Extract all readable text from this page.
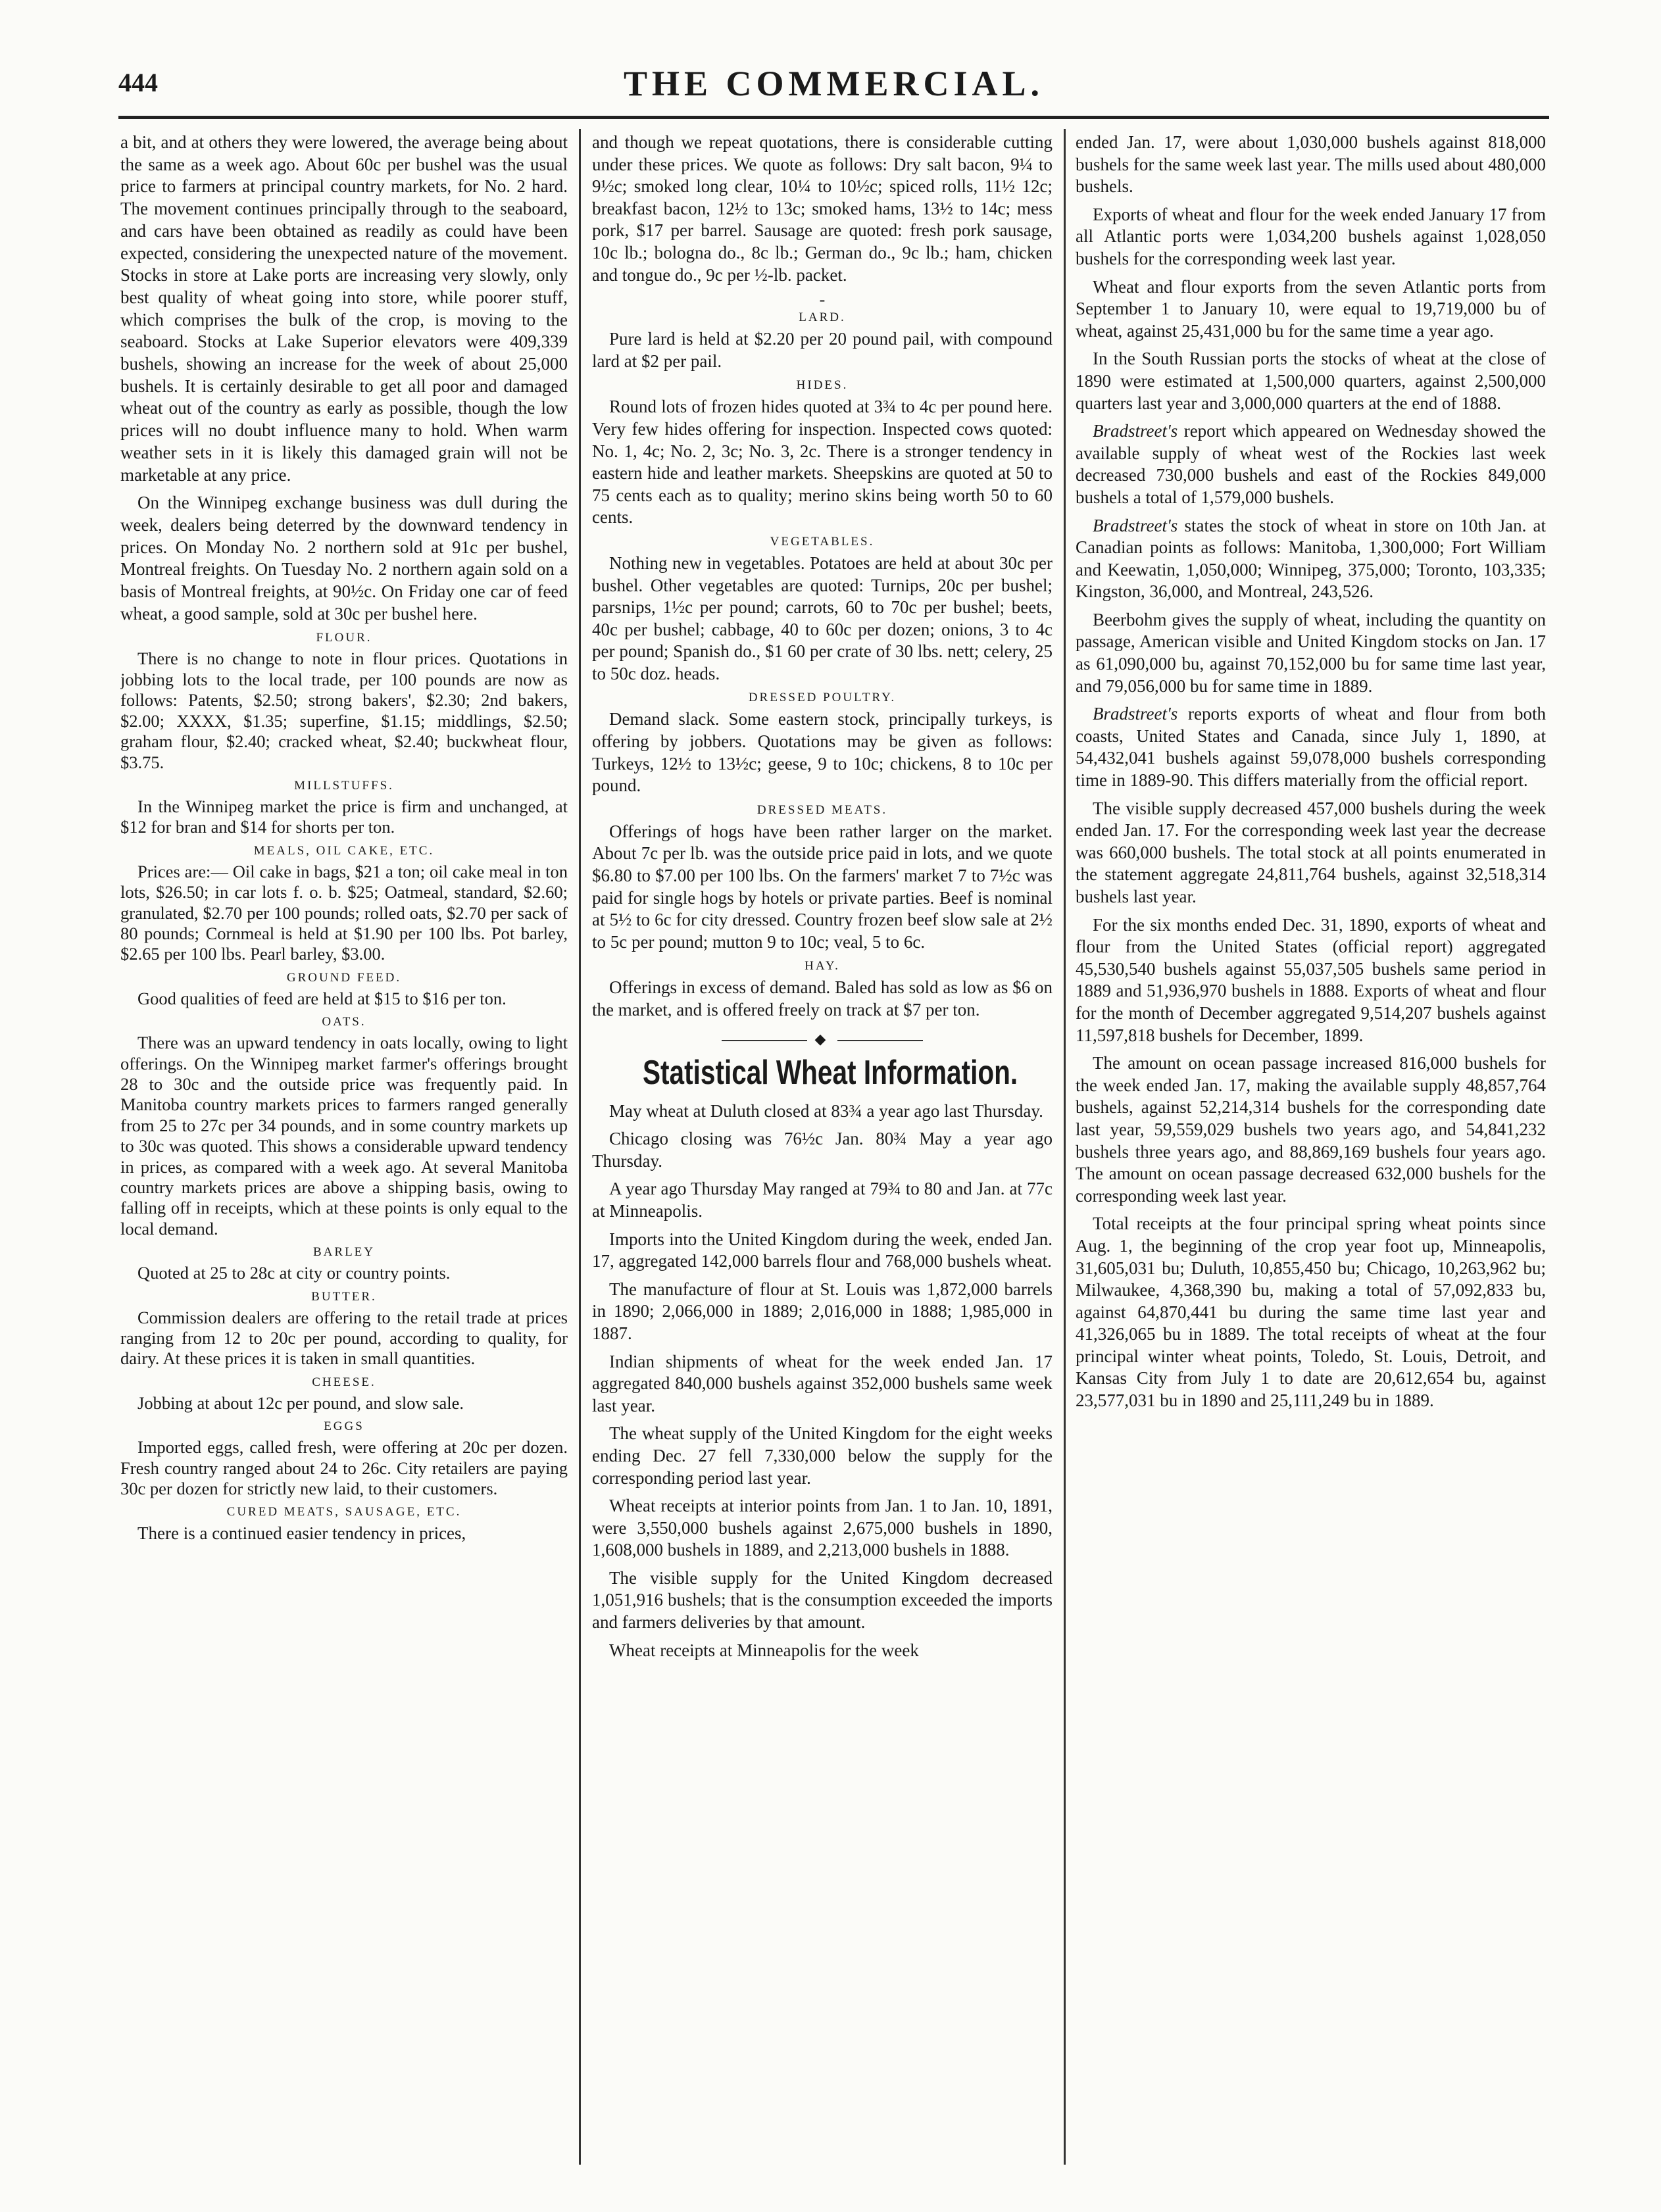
444	THE COMMERCIAL.

a bit, and at others they were lowered, the average being about the same as a week ago. About 60c per bushel was the usual price to farmers at principal country markets, for No. 2 hard. The movement continues principally through to the seaboard, and cars have been obtained as readily as could have been expected, considering the unexpected nature of the movement. Stocks in store at Lake ports are increasing very slowly, only best quality of wheat going into store, while poorer stuff, which comprises the bulk of the crop, is moving to the seaboard. Stocks at Lake Superior elevators were 409,339 bushels, showing an increase for the week of about 25,000 bushels. It is certainly desirable to get all poor and damaged wheat out of the country as early as possible, though the low prices will no doubt influence many to hold. When warm weather sets in it is likely this damaged grain will not be marketable at any price.

On the Winnipeg exchange business was dull during the week, dealers being deterred by the downward tendency in prices. On Monday No. 2 northern sold at 91c per bushel, Montreal freights. On Tuesday No. 2 northern again sold on a basis of Montreal freights, at 90½c. On Friday one car of feed wheat, a good sample, sold at 30c per bushel here.

FLOUR.

There is no change to note in flour prices. Quotations in jobbing lots to the local trade, per 100 pounds are now as follows: Patents, $2.50; strong bakers', $2.30; 2nd bakers, $2.00; XXXX, $1.35; superfine, $1.15; middlings, $2.50; graham flour, $2.40; cracked wheat, $2.40; buckwheat flour, $3.75.

MILLSTUFFS.

In the Winnipeg market the price is firm and unchanged, at $12 for bran and $14 for shorts per ton.

MEALS, OIL CAKE, ETC.

Prices are:— Oil cake in bags, $21 a ton; oil cake meal in ton lots, $26.50; in car lots f. o. b. $25; Oatmeal, standard, $2.60; granulated, $2.70 per 100 pounds; rolled oats, $2.70 per sack of 80 pounds; Cornmeal is held at $1.90 per 100 lbs. Pot barley, $2.65 per 100 lbs. Pearl barley, $3.00.

GROUND FEED.

Good qualities of feed are held at $15 to $16 per ton.

OATS.

There was an upward tendency in oats locally, owing to light offerings. On the Winnipeg market farmer's offerings brought 28 to 30c and the outside price was frequently paid. In Manitoba country markets prices to farmers ranged generally from 25 to 27c per 34 pounds, and in some country markets up to 30c was quoted. This shows a considerable upward tendency in prices, as compared with a week ago. At several Manitoba country markets prices are above a shipping basis, owing to falling off in receipts, which at these points is only equal to the local demand.

BARLEY

Quoted at 25 to 28c at city or country points.

BUTTER.

Commission dealers are offering to the retail trade at prices ranging from 12 to 20c per pound, according to quality, for dairy. At these prices it is taken in small quantities.

CHEESE.

Jobbing at about 12c per pound, and slow sale.

EGGS

Imported eggs, called fresh, were offering at 20c per dozen. Fresh country ranged about 24 to 26c. City retailers are paying 30c per dozen for strictly new laid, to their customers.

CURED MEATS, SAUSAGE, ETC.

There is a continued easier tendency in prices,

and though we repeat quotations, there is considerable cutting under these prices. We quote as follows: Dry salt bacon, 9¼ to 9½c; smoked long clear, 10¼ to 10½c; spiced rolls, 11½ 12c; breakfast bacon, 12½ to 13c; smoked hams, 13½ to 14c; mess pork, $17 per barrel. Sausage are quoted: fresh pork sausage, 10c lb.; bologna do., 8c lb.; German do., 9c lb.; ham, chicken and tongue do., 9c per ½-lb. packet.

-
LARD.

Pure lard is held at $2.20 per 20 pound pail, with compound lard at $2 per pail.

HIDES.

Round lots of frozen hides quoted at 3¾ to 4c per pound here. Very few hides offering for inspection. Inspected cows quoted: No. 1, 4c; No. 2, 3c; No. 3, 2c. There is a stronger tendency in eastern hide and leather markets. Sheepskins are quoted at 50 to 75 cents each as to quality; merino skins being worth 50 to 60 cents.

VEGETABLES.

Nothing new in vegetables. Potatoes are held at about 30c per bushel. Other vegetables are quoted: Turnips, 20c per bushel; parsnips, 1½c per pound; carrots, 60 to 70c per bushel; beets, 40c per bushel; cabbage, 40 to 60c per dozen; onions, 3 to 4c per pound; Spanish do., $1 60 per crate of 30 lbs. nett; celery, 25 to 50c doz. heads.

DRESSED POULTRY.

Demand slack. Some eastern stock, principally turkeys, is offering by jobbers. Quotations may be given as follows: Turkeys, 12½ to 13½c; geese, 9 to 10c; chickens, 8 to 10c per pound.

DRESSED MEATS.

Offerings of hogs have been rather larger on the market. About 7c per lb. was the outside price paid in lots, and we quote $6.80 to $7.00 per 100 lbs. On the farmers' market 7 to 7½c was paid for single hogs by hotels or private parties. Beef is nominal at 5½ to 6c for city dressed. Country frozen beef slow sale at 2½ to 5c per pound; mutton 9 to 10c; veal, 5 to 6c.

HAY.

Offerings in excess of demand. Baled has sold as low as $6 on the market, and is offered freely on track at $7 per ton.

◆
Statistical Wheat Information.

May wheat at Duluth closed at 83¾ a year ago last Thursday.

Chicago closing was 76½c Jan. 80¾ May a year ago Thursday.

A year ago Thursday May ranged at 79¾ to 80 and Jan. at 77c at Minneapolis.

Imports into the United Kingdom during the week, ended Jan. 17, aggregated 142,000 barrels flour and 768,000 bushels wheat.

The manufacture of flour at St. Louis was 1,872,000 barrels in 1890; 2,066,000 in 1889; 2,016,000 in 1888; 1,985,000 in 1887.

Indian shipments of wheat for the week ended Jan. 17 aggregated 840,000 bushels against 352,000 bushels same week last year.

The wheat supply of the United Kingdom for the eight weeks ending Dec. 27 fell 7,330,000 below the supply for the corresponding period last year.

Wheat receipts at interior points from Jan. 1 to Jan. 10, 1891, were 3,550,000 bushels against 2,675,000 bushels in 1890, 1,608,000 bushels in 1889, and 2,213,000 bushels in 1888.

The visible supply for the United Kingdom decreased 1,051,916 bushels; that is the consumption exceeded the imports and farmers deliveries by that amount.

Wheat receipts at Minneapolis for the week

ended Jan. 17, were about 1,030,000 bushels against 818,000 bushels for the same week last year. The mills used about 480,000 bushels.

Exports of wheat and flour for the week ended January 17 from all Atlantic ports were 1,034,200 bushels against 1,028,050 bushels for the corresponding week last year.

Wheat and flour exports from the seven Atlantic ports from September 1 to January 10, were equal to 19,719,000 bu of wheat, against 25,431,000 bu for the same time a year ago.

In the South Russian ports the stocks of wheat at the close of 1890 were estimated at 1,500,000 quarters, against 2,500,000 quarters last year and 3,000,000 quarters at the end of 1888.

Bradstreet's report which appeared on Wednesday showed the available supply of wheat west of the Rockies last week decreased 730,000 bushels and east of the Rockies 849,000 bushels a total of 1,579,000 bushels.

Bradstreet's states the stock of wheat in store on 10th Jan. at Canadian points as follows: Manitoba, 1,300,000; Fort William and Keewatin, 1,050,000; Winnipeg, 375,000; Toronto, 103,335; Kingston, 36,000, and Montreal, 243,526.

Beerbohm gives the supply of wheat, including the quantity on passage, American visible and United Kingdom stocks on Jan. 17 as 61,090,000 bu, against 70,152,000 bu for same time last year, and 79,056,000 bu for same time in 1889.

Bradstreet's reports exports of wheat and flour from both coasts, United States and Canada, since July 1, 1890, at 54,432,041 bushels against 59,078,000 bushels corresponding time in 1889-90. This differs materially from the official report.

The visible supply decreased 457,000 bushels during the week ended Jan. 17. For the corresponding week last year the decrease was 660,000 bushels. The total stock at all points enumerated in the statement aggregate 24,811,764 bushels, against 32,518,314 bushels last year.

For the six months ended Dec. 31, 1890, exports of wheat and flour from the United States (official report) aggregated 45,530,540 bushels against 55,037,505 bushels same period in 1889 and 51,936,970 bushels in 1888. Exports of wheat and flour for the month of December aggregated 9,514,207 bushels against 11,597,818 bushels for December, 1899.

The amount on ocean passage increased 816,000 bushels for the week ended Jan. 17, making the available supply 48,857,764 bushels, against 52,214,314 bushels for the corresponding date last year, 59,559,029 bushels two years ago, and 54,841,232 bushels three years ago, and 88,869,169 bushels four years ago. The amount on ocean passage decreased 632,000 bushels for the corresponding week last year.

Total receipts at the four principal spring wheat points since Aug. 1, the beginning of the crop year foot up, Minneapolis, 31,605,031 bu; Duluth, 10,855,450 bu; Chicago, 10,263,962 bu; Milwaukee, 4,368,390 bu, making a total of 57,092,833 bu, against 64,870,441 bu during the same time last year and 41,326,065 bu in 1889. The total receipts of wheat at the four principal winter wheat points, Toledo, St. Louis, Detroit, and Kansas City from July 1 to date are 20,612,654 bu, against 23,577,031 bu in 1890 and 25,111,249 bu in 1889.
